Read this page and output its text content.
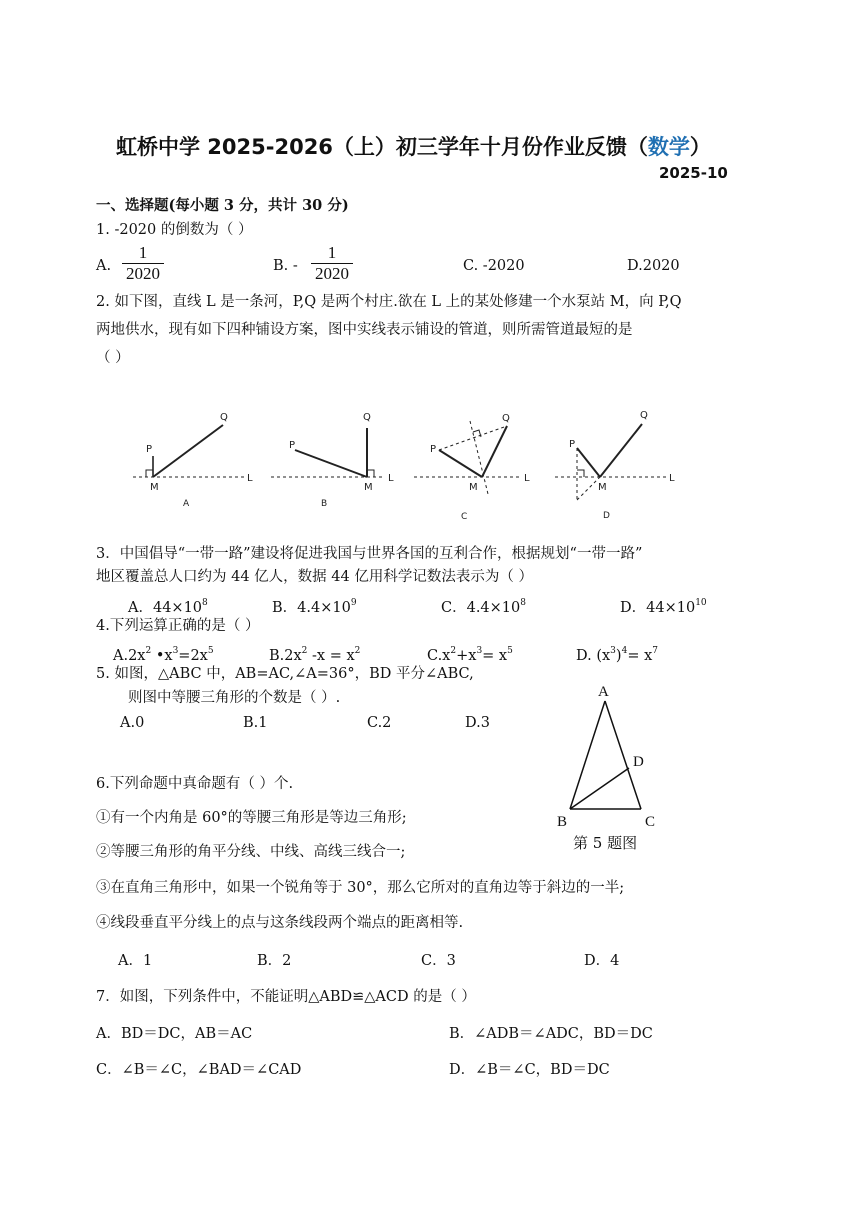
虹桥中学 2025-2026（上）初三学年十月份作业反馈（数学）
2025-10
一、选择题(每小题 3 分，共计 30 分)
1. -2020 的倒数为（ ）
A.
1
2020	B. -
1
2020	C. -2020	D.2020
2. 如下图，直线 L 是一条河，P,Q 是两个村庄.欲在 L 上的某处修建一个水泵站 M，向 P,Q
两地供水，现有如下四种铺设方案，图中实线表示铺设的管道，则所需管道最短的是
（ ）
P
Q
M
L
A
P
Q
M
L
B
P
Q
M
L
C
P
Q
M
L
D
A
B	C
D
3．中国倡导“一带一路”建设将促进我国与世界各国的互利合作，根据规划“一带一路”
地区覆盖总人口约为 44 亿人，数据 44 亿用科学记数法表示为（ ）
A．$44\times 10^8$	B．$4.4\times 10^9$	C．$4.4\times 10^8$	D．$44\times 10^{10}$
4.下列运算正确的是（ ）
$A.2x^2$ $•x^3=2x^5$	$B.2x^2$ $-x = x^2$	$C.x^2+x^3= x^5$	D. $(x^3)^4= x^7$
5. 如图，△ABC 中，AB=AC,∠A=36°，BD 平分∠ABC,
则图中等腰三角形的个数是（ ）.
A.0	B.1	C.2	D.3
第 5 题图
6.下列命题中真命题有（ ）个.
①有一个内角是 60°的等腰三角形是等边三角形;
②等腰三角形的角平分线、中线、高线三线合一;
③在直角三角形中，如果一个锐角等于 30°，那么它所对的直角边等于斜边的一半;
④线段垂直平分线上的点与这条线段两个端点的距离相等.
A．1	B．2	C．3	D．4
7．如图，下列条件中，不能证明△ABD≌△ACD 的是（ ）
A．BD＝DC，AB＝AC	B．∠ADB＝∠ADC，BD＝DC
C．∠B＝∠C，∠BAD＝∠CAD	D．∠B＝∠C，BD＝DC
